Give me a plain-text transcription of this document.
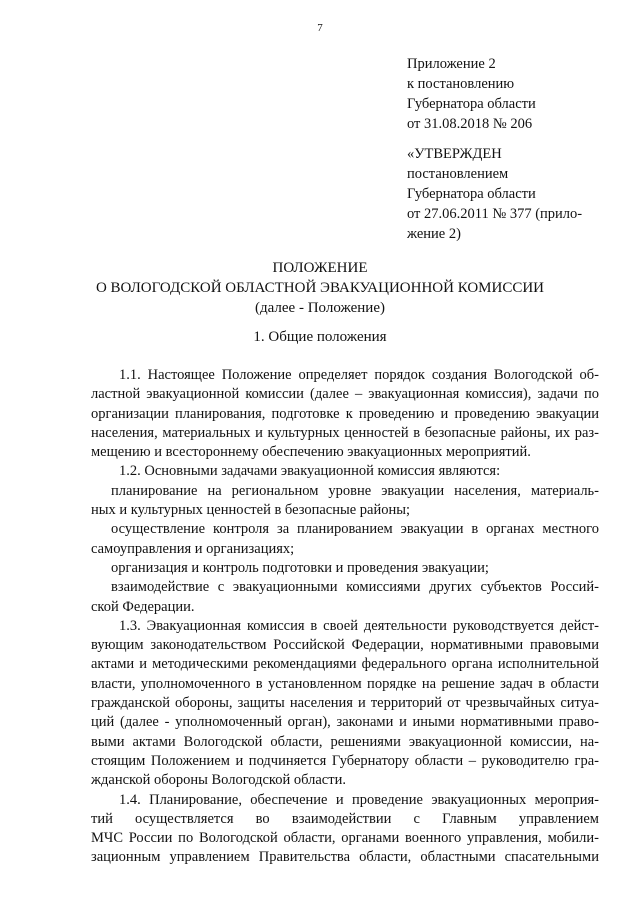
7
Приложение 2
к постановлению
Губернатора области
от 31.08.2018 № 206
«УТВЕРЖДЕН
постановлением
Губернатора области
от 27.06.2011 № 377 (прило-
жение 2)
ПОЛОЖЕНИЕ
О ВОЛОГОДСКОЙ ОБЛАСТНОЙ ЭВАКУАЦИОННОЙ КОМИССИИ
(далее - Положение)
1. Общие положения
1.1. Настоящее Положение определяет порядок создания Вологодской об-
ластной эвакуационной комиссии (далее – эвакуационная комиссия), задачи по
организации планирования, подготовке к проведению и проведению эвакуации
населения, материальных и культурных ценностей в безопасные районы, их раз-
мещению и всестороннему обеспечению эвакуационных мероприятий.
1.2. Основными задачами эвакуационной комиссия являются:
планирование на региональном уровне эвакуации населения, материаль-
ных и культурных ценностей в безопасные районы;
осуществление контроля за планированием эвакуации в органах местного
самоуправления и организациях;
организация и контроль подготовки и проведения эвакуации;
взаимодействие с эвакуационными комиссиями других субъектов Россий-
ской Федерации.
1.3. Эвакуационная комиссия в своей деятельности руководствуется дейст-
вующим законодательством Российской Федерации, нормативными правовыми
актами и методическими рекомендациями федерального органа исполнительной
власти, уполномоченного в установленном порядке на решение задач в области
гражданской обороны, защиты населения и территорий от чрезвычайных ситуа-
ций (далее - уполномоченный орган), законами и иными нормативными право-
выми актами Вологодской области, решениями эвакуационной комиссии, на-
стоящим Положением и подчиняется Губернатору области – руководителю гра-
жданской обороны Вологодской области.
1.4. Планирование, обеспечение и проведение эвакуационных мероприя-
тий осуществляется во взаимодействии с Главным управлением
МЧС России по Вологодской области, органами военного управления, мобили-
зационным управлением Правительства области, областными спасательными
